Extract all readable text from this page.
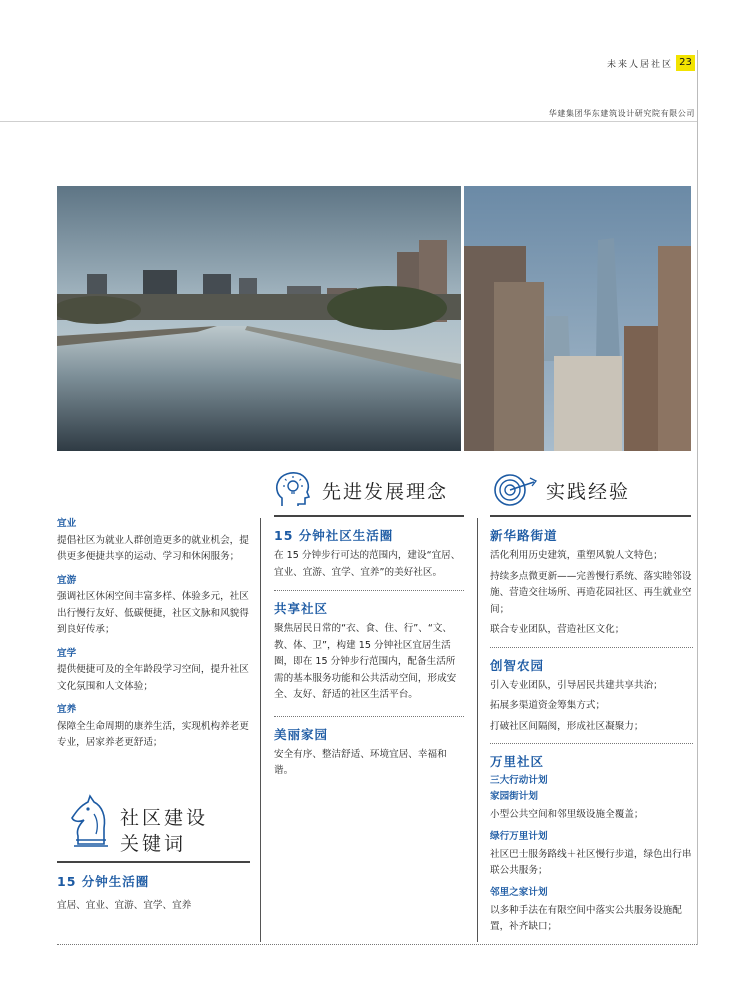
未来人居社区 23
华建集团华东建筑设计研究院有限公司
先进发展理念	实践经验
宜业
提倡社区为就业人群创造更多的就业机会，提供更多便捷共享的运动、学习和休闲服务；
宜游
强调社区休闲空间丰富多样、体验多元，社区出行慢行友好、低碳便捷，社区文脉和风貌得到良好传承；
宜学
提供便捷可及的全年龄段学习空间，提升社区文化氛围和人文体验；
宜养
保障全生命周期的康养生活，实现机构养老更专业，居家养老更舒适；
社区建设
关键词
15 分钟生活圈
宜居、宜业、宜游、宜学、宜养
15 分钟社区生活圈
在 15 分钟步行可达的范围内，建设“宜居、宜业、宜游、宜学、宜养”的美好社区。
共享社区
聚焦居民日常的“衣、食、住、行”、“文、教、体、卫”，构建 15 分钟社区宜居生活圈，即在 15 分钟步行范围内，配备生活所需的基本服务功能和公共活动空间，形成安全、友好、舒适的社区生活平台。
美丽家园
安全有序、整洁舒适、环境宜居、幸福和谐。
新华路街道
活化利用历史建筑，重塑风貌人文特色；
持续多点微更新——完善慢行系统、落实睦邻设施、营造交往场所、再造花园社区、再生就业空间；
联合专业团队，营造社区文化；
创智农园
引入专业团队，引导居民共建共享共治；
拓展多渠道资金筹集方式；
打破社区间隔阂，形成社区凝聚力；
万里社区
三大行动计划
家园街计划
小型公共空间和邻里级设施全覆盖；
绿行万里计划
社区巴士服务路线＋社区慢行步道，绿色出行串联公共服务；
邻里之家计划
以多种手法在有限空间中落实公共服务设施配置，补齐缺口；
